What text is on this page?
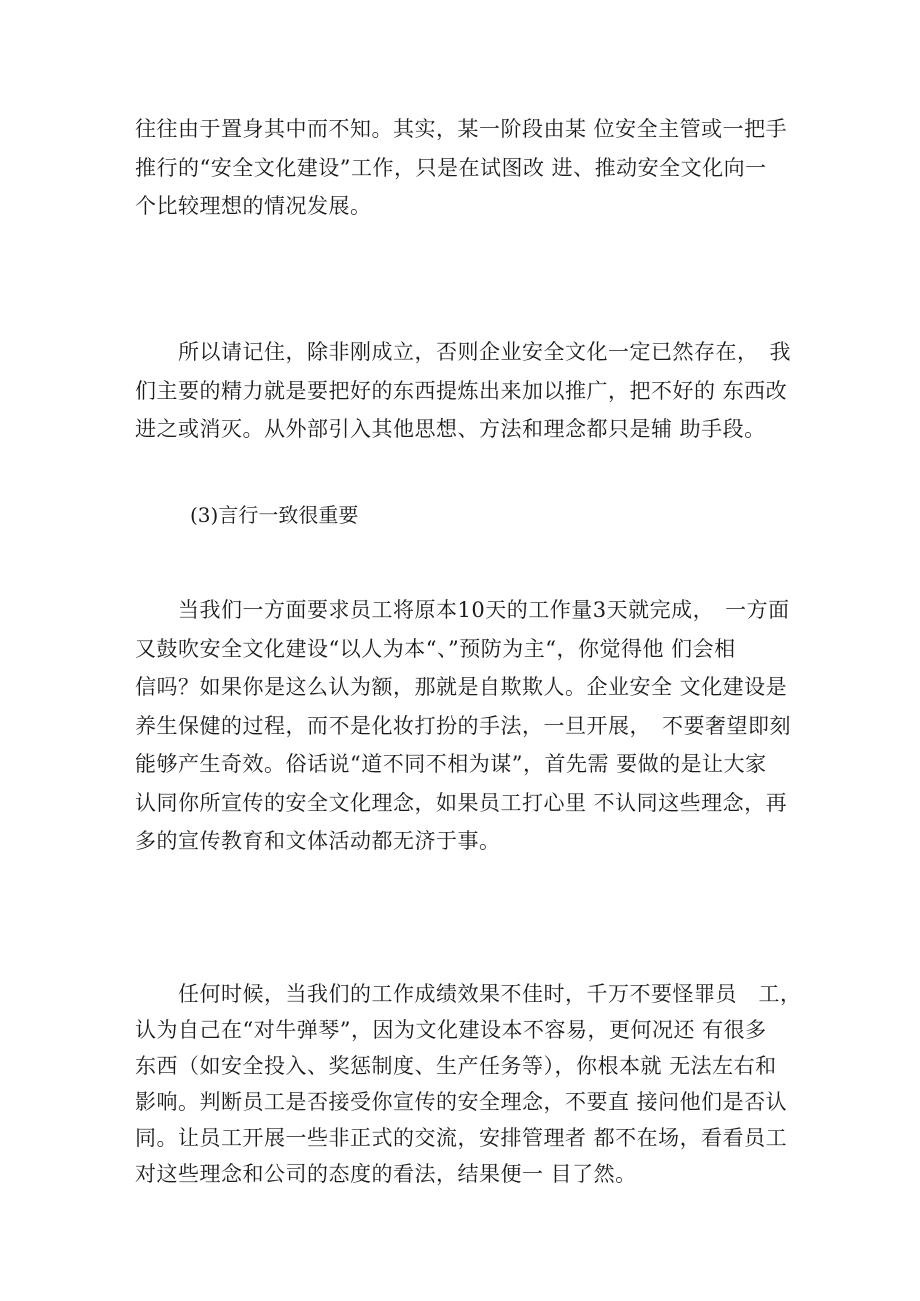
往往由于置身其中而不知。其实，某一阶段由某 位安全主管或一把手
推行的“安全文化建设”工作，只是在试图改 进、推动安全文化向一
个比较理想的情况发展。
　　所以请记住，除非刚成立，否则企业安全文化一定已然存在，　我
们主要的精力就是要把好的东西提炼出来加以推广，把不好的 东西改
进之或消灭。从外部引入其他思想、方法和理念都只是辅 助手段。

(3)言行一致很重要

　　当我们一方面要求员工将原本10天的工作量3天就完成，　一方面
又鼓吹安全文化建设“以人为本“、”预防为主“，你觉得他 们会相
信吗？如果你是这么认为额，那就是自欺欺人。企业安全 文化建设是
养生保健的过程，而不是化妆打扮的手法，一旦开展，　不要奢望即刻
能够产生奇效。俗话说“道不同不相为谋”，首先需 要做的是让大家
认同你所宣传的安全文化理念，如果员工打心里 不认同这些理念，再
多的宣传教育和文体活动都无济于事。
　　任何时候，当我们的工作成绩效果不佳时，千万不要怪罪员　工，
认为自己在“对牛弹琴”，因为文化建设本不容易，更何况还 有很多
东西（如安全投入、奖惩制度、生产任务等），你根本就 无法左右和
影响。判断员工是否接受你宣传的安全理念，不要直 接问他们是否认
同。让员工开展一些非正式的交流，安排管理者 都不在场，看看员工
对这些理念和公司的态度的看法，结果便一 目了然。
